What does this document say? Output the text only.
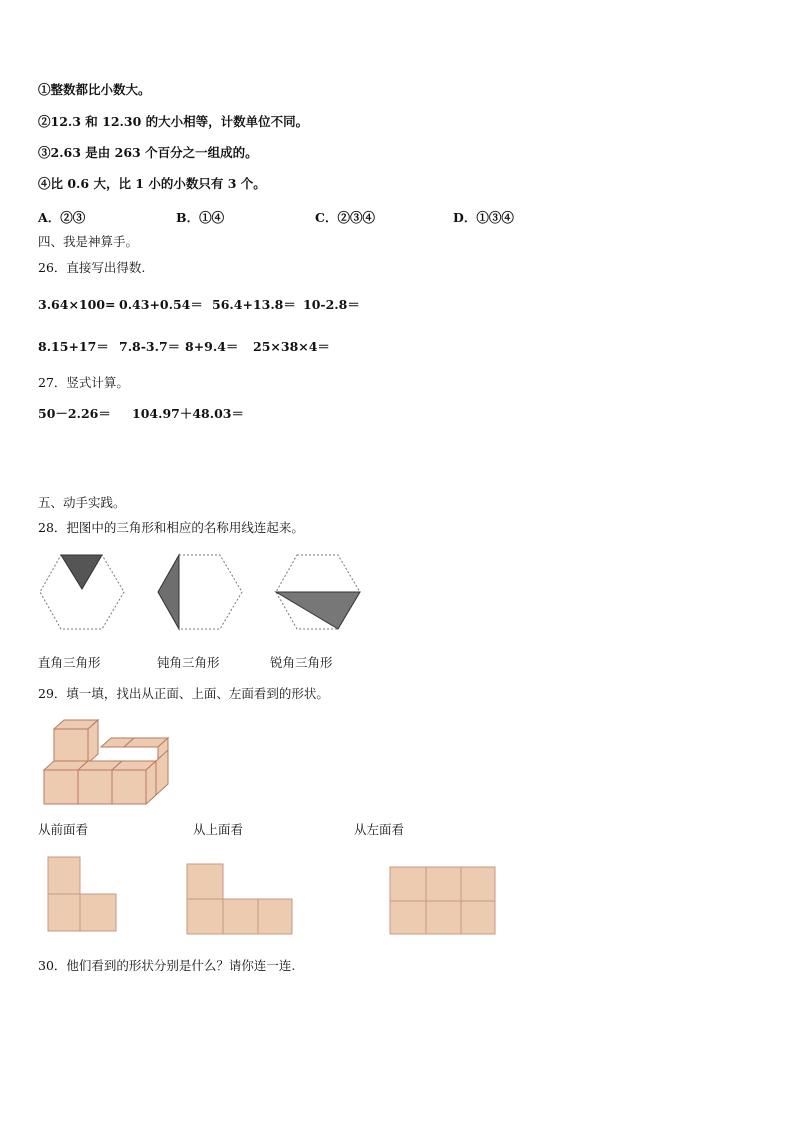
①整数都比小数大。
②12.3 和 12.30 的大小相等，计数单位不同。
③2.63 是由 263 个百分之一组成的。
④比 0.6 大，比 1 小的小数只有 3 个。
A．②③	B．①④	C．②③④	D．①③④
四、我是神算手。
26．直接写出得数.
3.64×100= 0.43+0.54＝ 56.4+13.8＝ 10-2.8＝
8.15+17＝ 7.8-3.7＝ 8+9.4＝ 25×38×4＝
27．竖式计算。
50－2.26＝ 104.97＋48.03＝
五、动手实践。
28．把图中的三角形和相应的名称用线连起来。
直角三角形	钝角三角形	锐角三角形
29．填一填，找出从正面、上面、左面看到的形状。
从前面看	从上面看	从左面看
30．他们看到的形状分别是什么？请你连一连.
